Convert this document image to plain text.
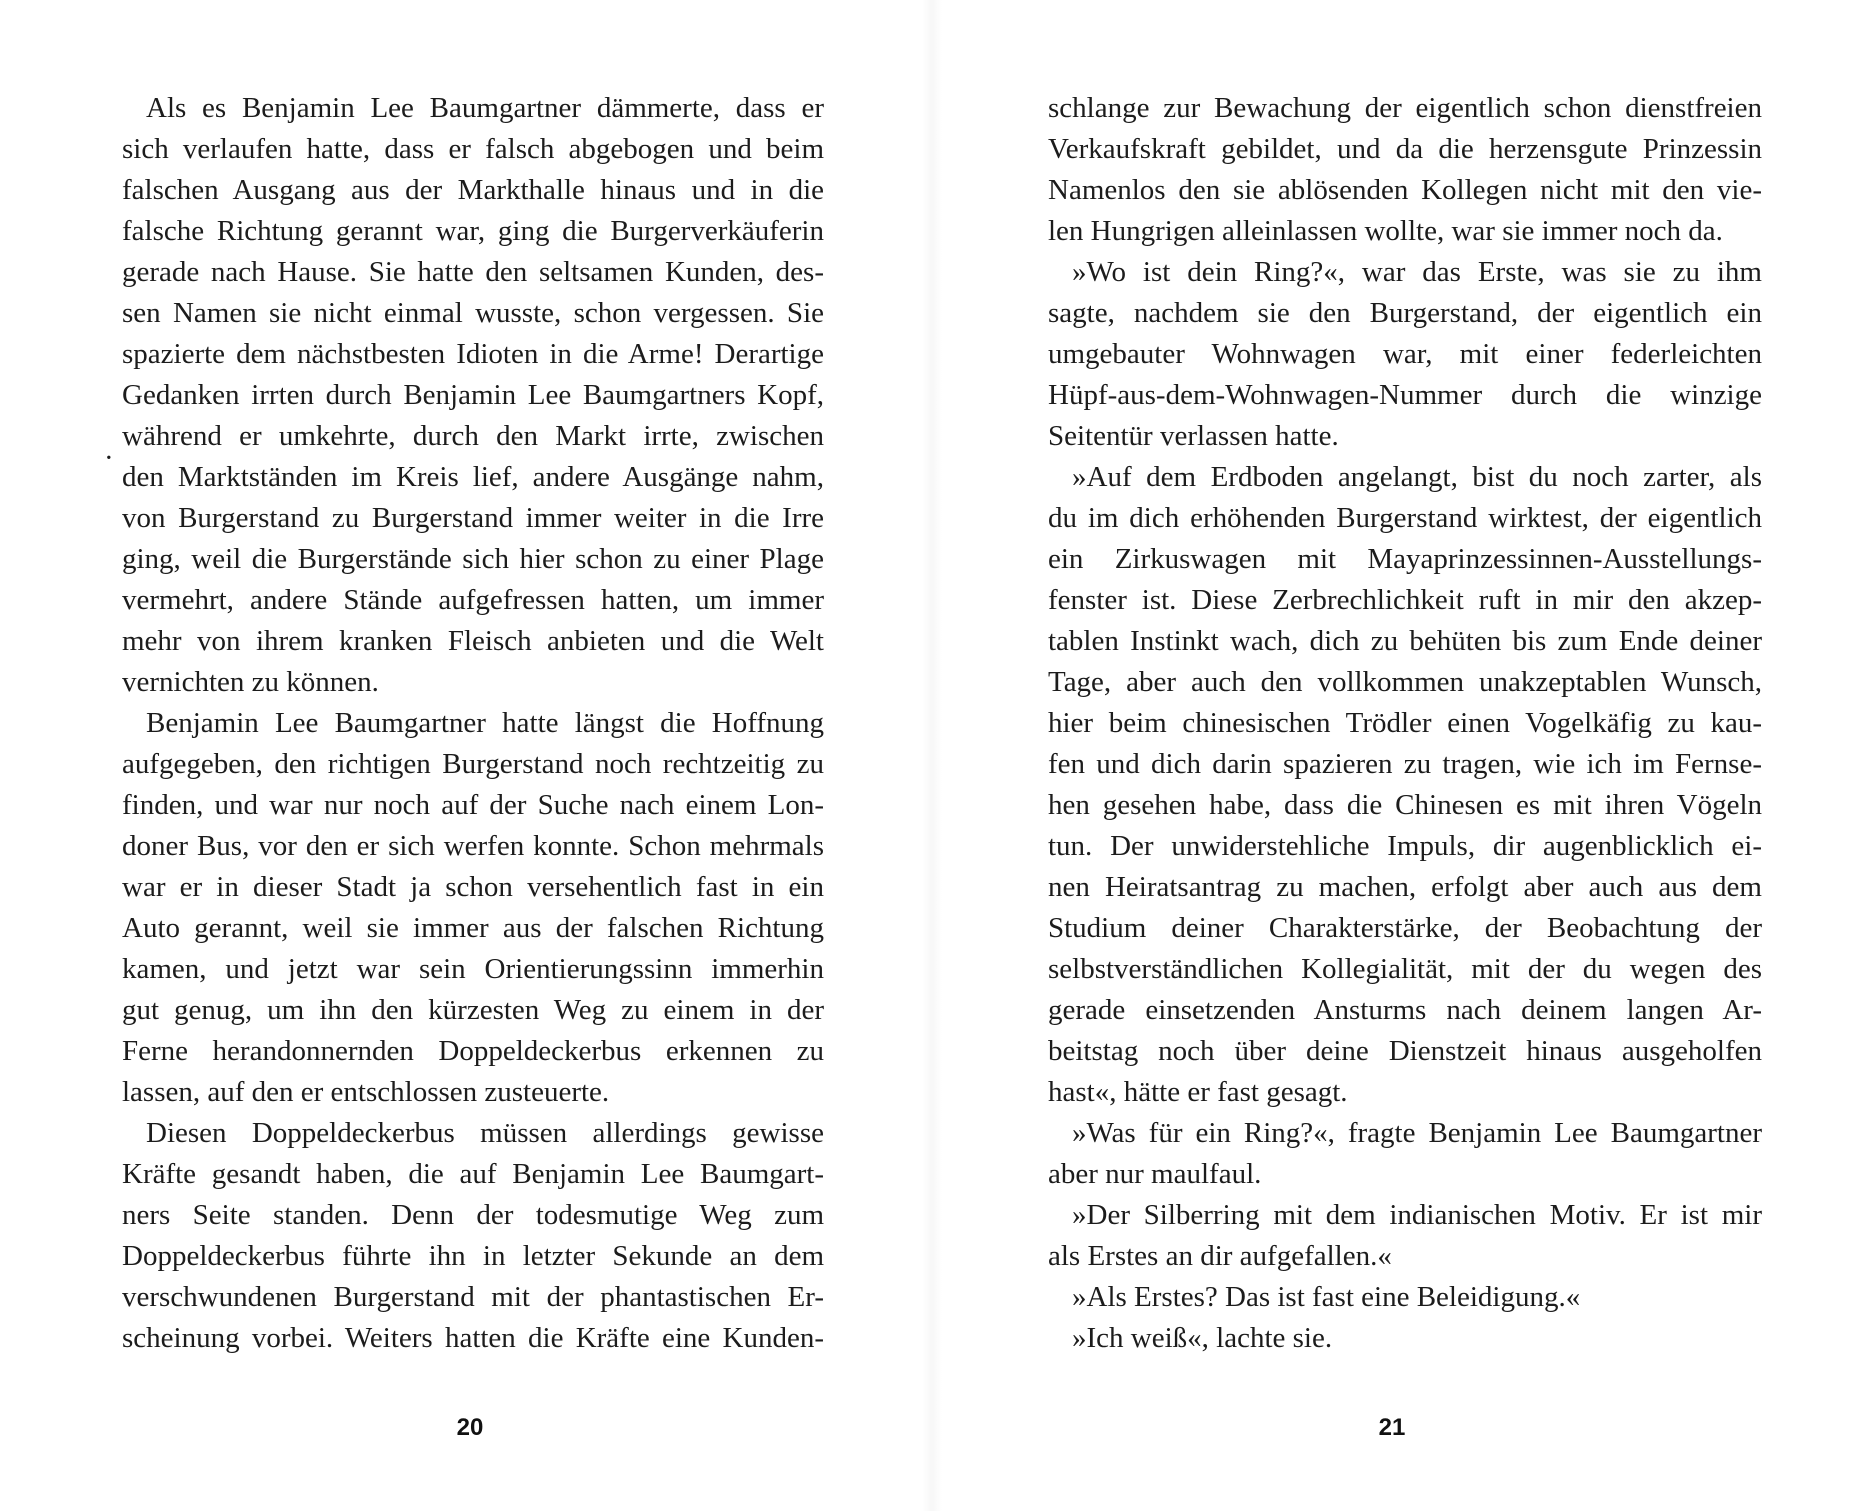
·
Als es Benjamin Lee Baumgartner dämmerte, dass er
sich verlaufen hatte, dass er falsch abgebogen und beim
falschen Ausgang aus der Markthalle hinaus und in die
falsche Richtung gerannt war, ging die Burgerverkäuferin
gerade nach Hause. Sie hatte den seltsamen Kunden, des-
sen Namen sie nicht einmal wusste, schon vergessen. Sie
spazierte dem nächstbesten Idioten in die Arme! Derartige
Gedanken irrten durch Benjamin Lee Baumgartners Kopf,
während er umkehrte, durch den Markt irrte, zwischen
den Marktständen im Kreis lief, andere Ausgänge nahm,
von Burgerstand zu Burgerstand immer weiter in die Irre
ging, weil die Burgerstände sich hier schon zu einer Plage
vermehrt, andere Stände aufgefressen hatten, um immer
mehr von ihrem kranken Fleisch anbieten und die Welt
vernichten zu können.
Benjamin Lee Baumgartner hatte längst die Hoffnung
aufgegeben, den richtigen Burgerstand noch rechtzeitig zu
finden, und war nur noch auf der Suche nach einem Lon-
doner Bus, vor den er sich werfen konnte. Schon mehrmals
war er in dieser Stadt ja schon versehentlich fast in ein
Auto gerannt, weil sie immer aus der falschen Richtung
kamen, und jetzt war sein Orientierungssinn immerhin
gut genug, um ihn den kürzesten Weg zu einem in der
Ferne herandonnernden Doppeldeckerbus erkennen zu
lassen, auf den er entschlossen zusteuerte.
Diesen Doppeldeckerbus müssen allerdings gewisse
Kräfte gesandt haben, die auf Benjamin Lee Baumgart-
ners Seite standen. Denn der todesmutige Weg zum
Doppeldeckerbus führte ihn in letzter Sekunde an dem
verschwundenen Burgerstand mit der phantastischen Er-
scheinung vorbei. Weiters hatten die Kräfte eine Kunden-
20
schlange zur Bewachung der eigentlich schon dienstfreien
Verkaufskraft gebildet, und da die herzensgute Prinzessin
Namenlos den sie ablösenden Kollegen nicht mit den vie-
len Hungrigen alleinlassen wollte, war sie immer noch da.
»Wo ist dein Ring?«, war das Erste, was sie zu ihm
sagte, nachdem sie den Burgerstand, der eigentlich ein
umgebauter Wohnwagen war, mit einer federleichten
Hüpf-aus-dem-Wohnwagen-Nummer durch die winzige
Seitentür verlassen hatte.
»Auf dem Erdboden angelangt, bist du noch zarter, als
du im dich erhöhenden Burgerstand wirktest, der eigentlich
ein Zirkuswagen mit Mayaprinzessinnen-Ausstellungs-
fenster ist. Diese Zerbrechlichkeit ruft in mir den akzep-
tablen Instinkt wach, dich zu behüten bis zum Ende deiner
Tage, aber auch den vollkommen unakzeptablen Wunsch,
hier beim chinesischen Trödler einen Vogelkäfig zu kau-
fen und dich darin spazieren zu tragen, wie ich im Fernse-
hen gesehen habe, dass die Chinesen es mit ihren Vögeln
tun. Der unwiderstehliche Impuls, dir augenblicklich ei-
nen Heiratsantrag zu machen, erfolgt aber auch aus dem
Studium deiner Charakterstärke, der Beobachtung der
selbstverständlichen Kollegialität, mit der du wegen des
gerade einsetzenden Ansturms nach deinem langen Ar-
beitstag noch über deine Dienstzeit hinaus ausgeholfen
hast«, hätte er fast gesagt.
»Was für ein Ring?«, fragte Benjamin Lee Baumgartner
aber nur maulfaul.
»Der Silberring mit dem indianischen Motiv. Er ist mir
als Erstes an dir aufgefallen.«
»Als Erstes? Das ist fast eine Beleidigung.«
»Ich weiß«, lachte sie.
21
